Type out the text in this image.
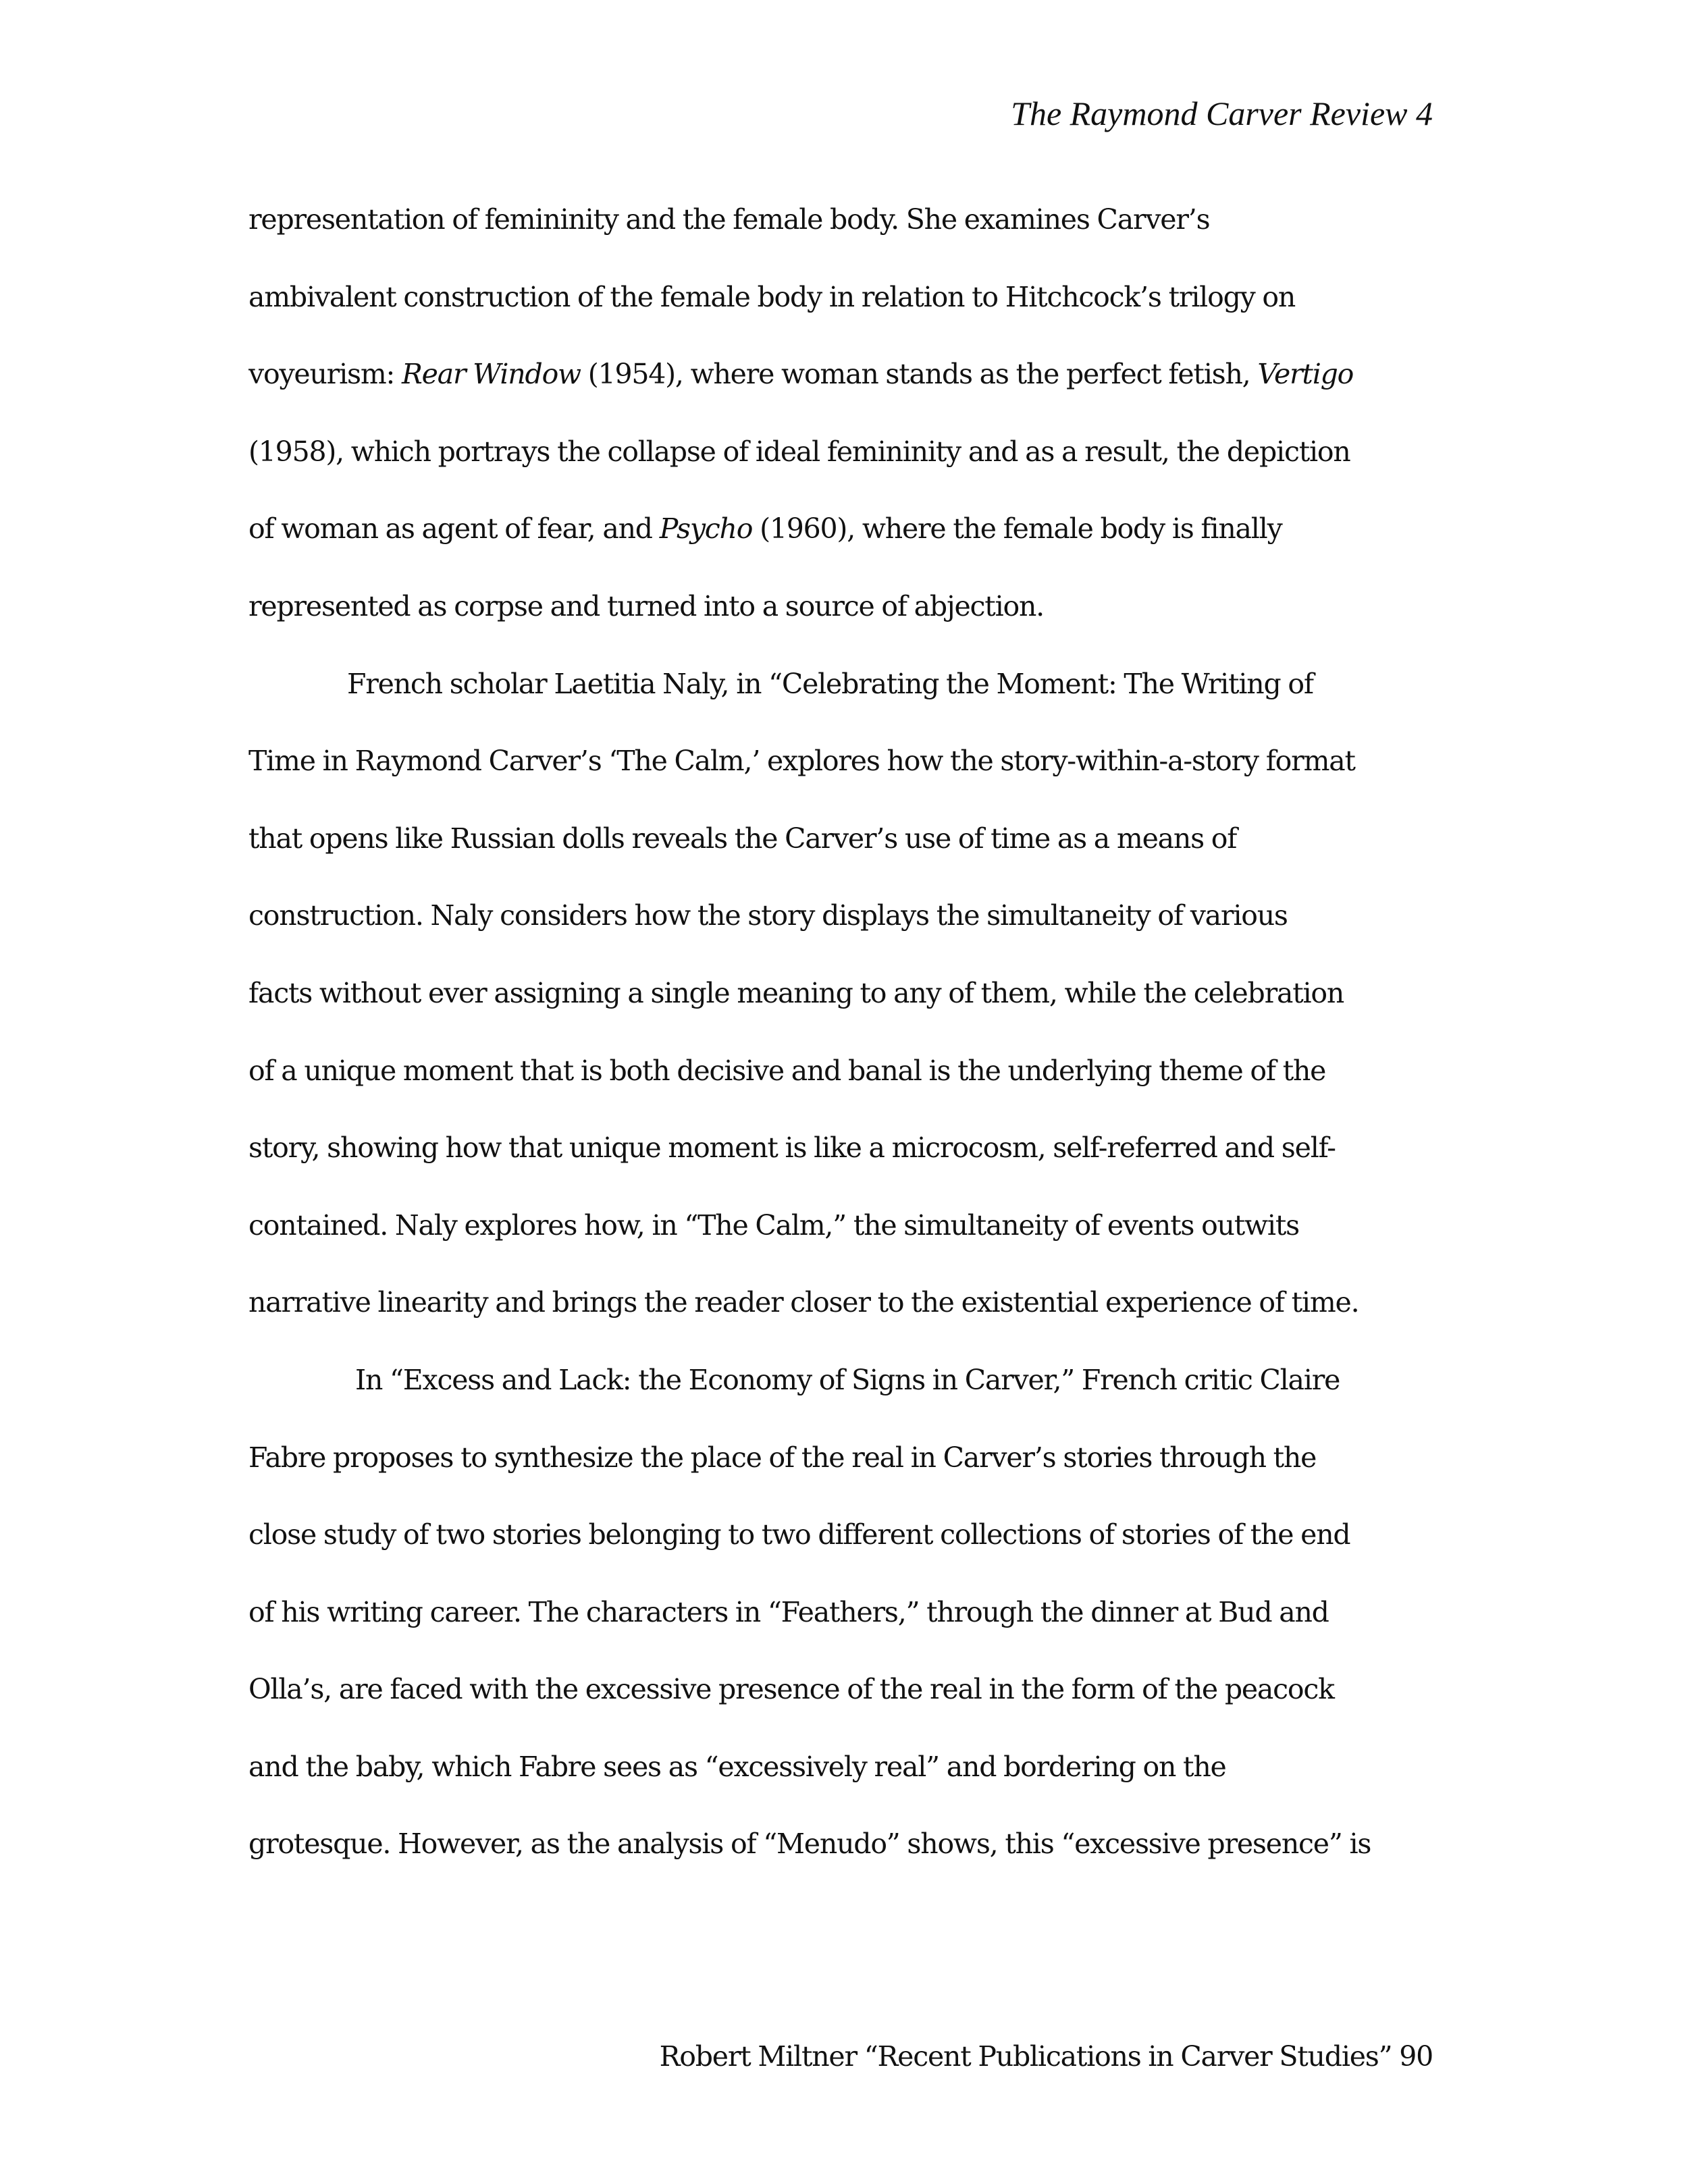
The Raymond Carver Review 4

representation of femininity and the female body. She examines Carver’s
ambivalent construction of the female body in relation to Hitchcock’s trilogy on
voyeurism: Rear Window (1954), where woman stands as the perfect fetish, Vertigo
(1958), which portrays the collapse of ideal femininity and as a result, the depiction
of woman as agent of fear, and Psycho (1960), where the female body is finally
represented as corpse and turned into a source of abjection.
French scholar Laetitia Naly, in “Celebrating the Moment: The Writing of
Time in Raymond Carver’s ‘The Calm,’ explores how the story-within-a-story format
that opens like Russian dolls reveals the Carver’s use of time as a means of
construction. Naly considers how the story displays the simultaneity of various
facts without ever assigning a single meaning to any of them, while the celebration
of a unique moment that is both decisive and banal is the underlying theme of the
story, showing how that unique moment is like a microcosm, self-referred and self-
contained. Naly explores how, in “The Calm,” the simultaneity of events outwits
narrative linearity and brings the reader closer to the existential experience of time.
In “Excess and Lack: the Economy of Signs in Carver,” French critic Claire
Fabre proposes to synthesize the place of the real in Carver’s stories through the
close study of two stories belonging to two different collections of stories of the end
of his writing career. The characters in “Feathers,” through the dinner at Bud and
Olla’s, are faced with the excessive presence of the real in the form of the peacock
and the baby, which Fabre sees as “excessively real” and bordering on the
grotesque. However, as the analysis of “Menudo” shows, this “excessive presence” is

Robert Miltner “Recent Publications in Carver Studies” 90
